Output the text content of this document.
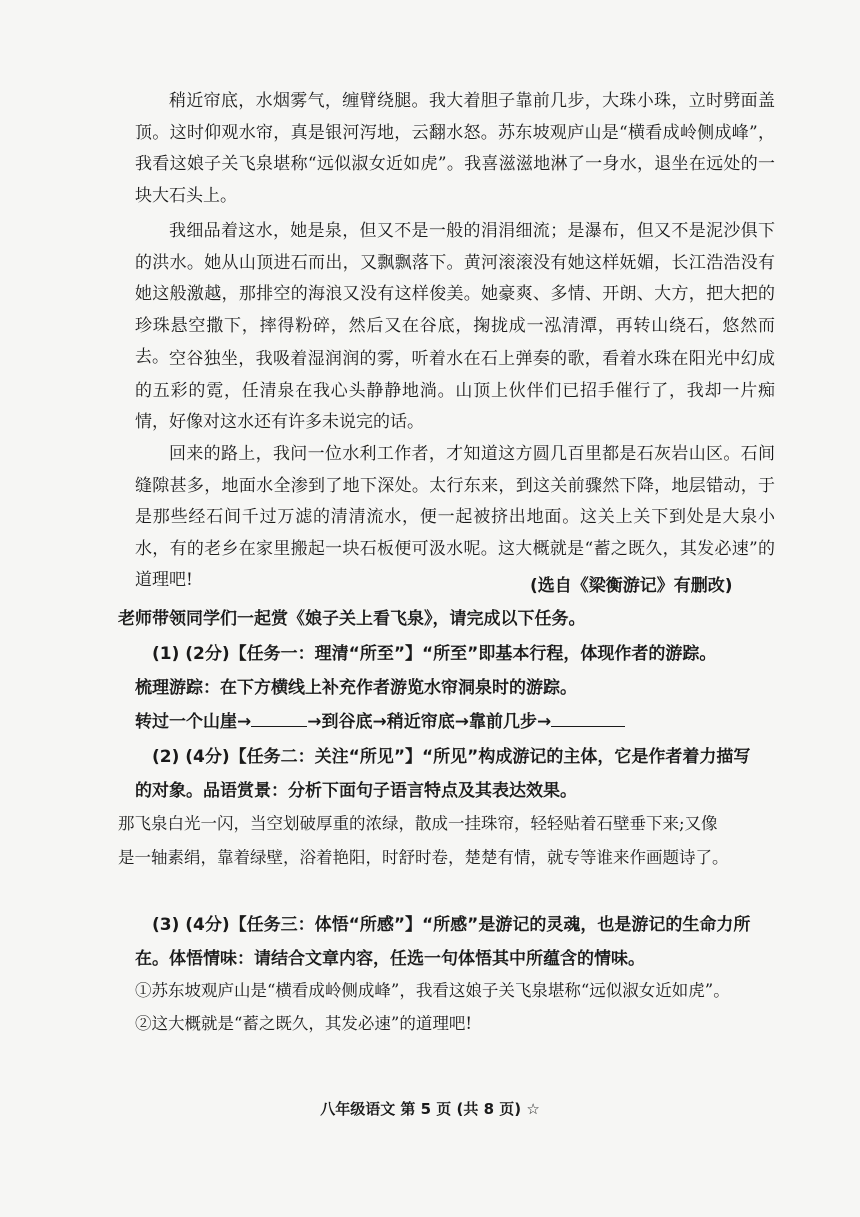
稍近帘底，水烟雾气，缠臂绕腿。我大着胆子靠前几步，大珠小珠，立时劈面盖顶。这时仰观水帘，真是银河泻地，云翻水怒。苏东坡观庐山是“横看成岭侧成峰”，我看这娘子关飞泉堪称“远似淑女近如虎”。我喜滋滋地淋了一身水，退坐在远处的一块大石头上。

我细品着这水，她是泉，但又不是一般的涓涓细流；是瀑布，但又不是泥沙俱下的洪水。她从山顶进石而出，又飘飘落下。黄河滚滚没有她这样妩媚，长江浩浩没有她这般激越，那排空的海浪又没有这样俊美。她豪爽、多情、开朗、大方，把大把的珍珠悬空撒下，摔得粉碎，然后又在谷底，掬拢成一泓清潭，再转山绕石，悠然而去。 空谷独坐，我吸着湿润润的雾，听着水在石上弹奏的歌，看着水珠在阳光中幻成的五彩的霓，任清泉在我心头静静地淌。山顶上伙伴们已招手催行了，我却一片痴情，好像对这水还有许多未说完的话。

回来的路上，我问一位水利工作者，才知道这方圆几百里都是石灰岩山区。石间缝隙甚多，地面水全渗到了地下深处。太行东来，到这关前骤然下降，地层错动，于是那些经石间千过万滤的清清流水，便一起被挤出地面。这关上关下到处是大泉小水，有的老乡在家里搬起一块石板便可汲水呢。这大概就是“蓄之既久，其发必速”的道理吧!	(选自《梁衡游记》有删改)
老师带领同学们一起赏《娘子关上看飞泉》，请完成以下任务。
(1) (2分)【任务一：理清“所至”】“所至”即基本行程，体现作者的游踪。
梳理游踪：在下方横线上补充作者游览水帘洞泉时的游踪。
转过一个山崖→	→到谷底→稍近帘底→靠前几步→
(2) (4分)【任务二：关注“所见”】“所见”构成游记的主体，它是作者着力描写
的对象。品语赏景：分析下面句子语言特点及其表达效果。
那飞泉白光一闪，当空划破厚重的浓绿，散成一挂珠帘，轻轻贴着石壁垂下来;又像
是一轴素绢，靠着绿壁，浴着艳阳，时舒时卷，楚楚有情，就专等谁来作画题诗了。
(3) (4分)【任务三：体悟“所感”】“所感”是游记的灵魂，也是游记的生命力所
在。体悟情味：请结合文章内容，任选一句体悟其中所蕴含的情味。
①苏东坡观庐山是“横看成岭侧成峰”，我看这娘子关飞泉堪称“远似淑女近如虎”。
②这大概就是“蓄之既久，其发必速”的道理吧!
八年级语文 第 5 页 (共 8 页) ☆
